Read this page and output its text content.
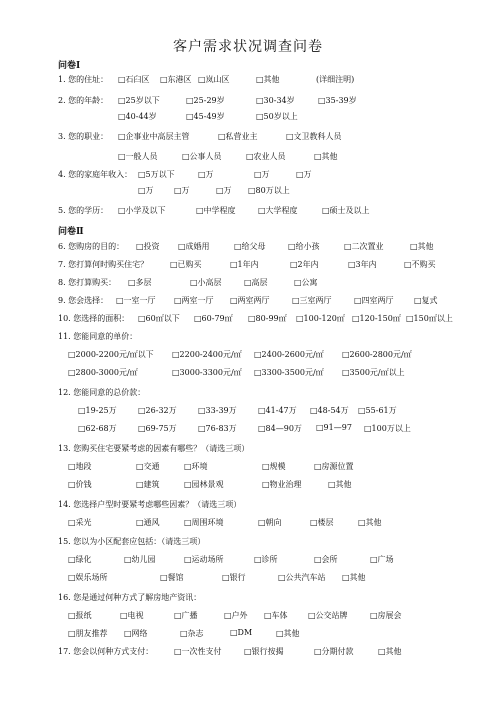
客户需求状况调查问卷
问卷Ⅰ
1. 您的住址： □石臼区 □东港区 □岚山区	□其他	(详细注明)
2. 您的年龄： □25岁以下	□25-29岁	□30-34岁	□35-39岁
□40-44岁	□45-49岁	□50岁以上
3. 您的职业： □企事业中高层主管	□私营业主	□文卫教科人员
□一般人员	□公事人员	□农业人员	□其他
4. 您的家庭年收入： □5万以下	□万	□万	□万
□万	□万	□万 □80万以上
5. 您的学历： □小学及以下	□中学程度	□大学程度	□硕士及以上
问卷Ⅱ
6. 您购房的目的： □投资 □成婚用	□给父母	□给小孩	□二次置业	□其他
7. 您打算何时购买住宅？	□已购买	□1年内	□2年内	□3年内	□不购买
8. 您打算购买： □多层	□小高层	□高层	□公寓
9. 您会选择： □一室一厅 □两室一厅 □两室两厅	□三室两厅	□四室两厅	□复式
10. 您选择的面积： □60㎡以下 □60-79㎡ □80-99㎡ □100-120㎡ □120-150㎡ □150㎡以上
11. 您能同意的单价：
□2000-2200元/㎡以下 □2200-2400元/㎡ □2400-2600元/㎡ □2600-2800元/㎡
□2800-3000元/㎡	□3000-3300元/㎡ □3300-3500元/㎡ □3500元/㎡以上
12. 您能同意的总价款：
□19-25万	□26-32万	□33-39万	□41-47万 □48-54万 □55-61万
□62-68万	□69-75万	□76-83万	□84—90万 □91—97 □100万以上
13. 您购买住宅要紧考虑的因素有哪些？（请选三项）
□地段	□交通	□环境	□规模	□房源位置
□价钱	□建筑	□园林景观	□物业治理	□其他
14. 您选择户型时要紧考虑哪些因素？（请选三项）
□采光	□通风	□周围环境	□朝向	□楼层	□其他
15. 您以为小区配套应包括：（请选三项）
□绿化	□幼儿园	□运动场所	□诊所	□会所	□广场
□娱乐场所	□餐馆	□银行	□公共汽车站 □其他
16. 您是通过何种方式了解房地产资讯：
□报纸	□电视	□广播	□户外 □车体	□公交站牌	□房展会
□朋友推荐 □网络	□杂志	□DM	□其他
17. 您会以何种方式支付：	□一次性支付	□银行按揭	□分期付款	□其他
